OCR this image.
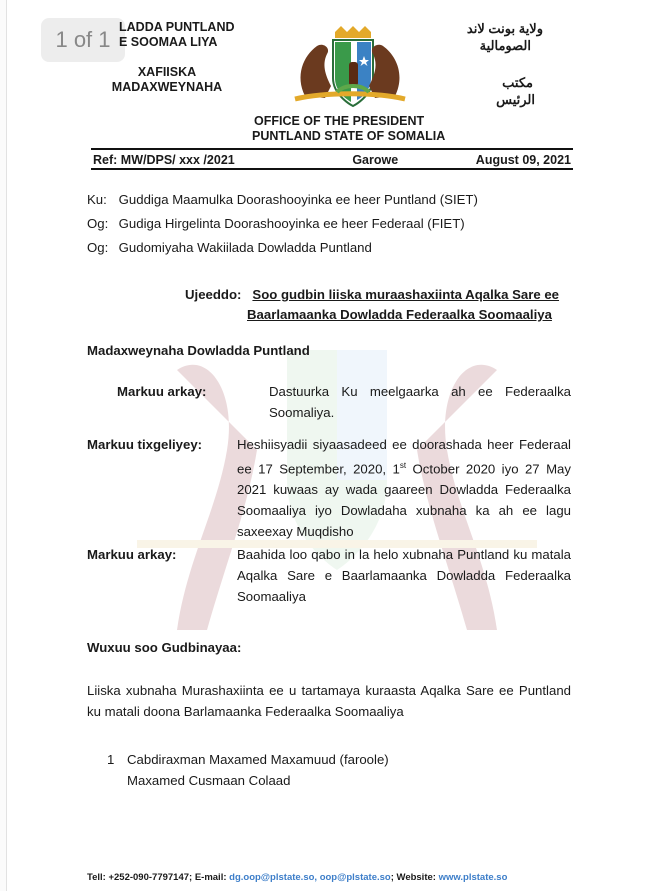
1 of 1 LADDA PUNTLAND
E SOOMAA LIYA
XAFIISKA
MADAXWEYNAHA
ولاية بونت لاند
الصومالية
مكتب
الرئيس
OFFICE OF THE PRESIDENT
PUNTLAND STATE OF SOMALIA
Ref: MW/DPS/ xxx /2021	Garowe	August 09, 2021
Ku: Guddiga Maamulka Doorashooyinka ee heer Puntland (SIET)
Og: Gudiga Hirgelinta Doorashooyinka ee heer Federaal (FIET)
Og: Gudomiyaha Wakiilada Dowladda Puntland
Ujeeddo: Soo gudbin liiska muraashaxiinta Aqalka Sare ee
Baarlamaanka Dowladda Federaalka Soomaaliya
Madaxweynaha Dowladda Puntland
Markuu arkay:	Dastuurka Ku meelgaarka ah ee Federaalka Soomaliya.
Markuu tixgeliyey:	Heshiisyadii siyaasadeed ee doorashada heer Federaal ee 17 September, 2020, 1st October 2020 iyo 27 May 2021 kuwaas ay wada gaareen Dowladda Federaalka Soomaaliya iyo Dowladaha xubnaha ka ah ee lagu saxeexay Muqdisho
Markuu arkay:	Baahida loo qabo in la helo xubnaha Puntland ku matala Aqalka Sare e Baarlamaanka Dowladda Federaalka Soomaaliya
Wuxuu soo Gudbinayaa:
Liiska xubnaha Murashaxiinta ee u tartamaya kuraasta Aqalka Sare ee Puntland ku matali doona Barlamaanka Federaalka Soomaaliya
1 Cabdiraxman Maxamed Maxamuud (faroole)
Maxamed Cusmaan Colaad
Tell: +252-090-7797147; E-mail: dg.oop@plstate.so, oop@plstate.so; Website: www.plstate.so
